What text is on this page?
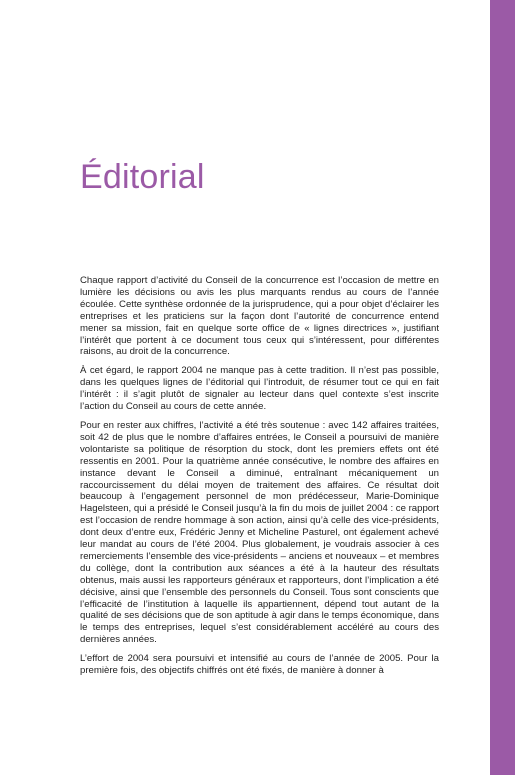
Éditorial

Chaque rapport d’activité du Conseil de la concurrence est l’occasion de mettre en lumière les décisions ou avis les plus marquants rendus au cours de l’année écoulée. Cette synthèse ordonnée de la jurisprudence, qui a pour objet d’éclairer les entreprises et les praticiens sur la façon dont l’autorité de concurrence entend mener sa mission, fait en quelque sorte office de « lignes directrices », justifiant l’intérêt que portent à ce document tous ceux qui s’intéressent, pour différentes raisons, au droit de la concurrence.

À cet égard, le rapport 2004 ne manque pas à cette tradition. Il n’est pas possible, dans les quelques lignes de l’éditorial qui l’introduit, de résumer tout ce qui en fait l’intérêt : il s’agit plutôt de signaler au lecteur dans quel contexte s’est inscrite l’action du Conseil au cours de cette année.

Pour en rester aux chiffres, l’activité a été très soutenue : avec 142 affaires traitées, soit 42 de plus que le nombre d’affaires entrées, le Conseil a poursuivi de manière volontariste sa politique de résorption du stock, dont les premiers effets ont été ressentis en 2001. Pour la quatrième année consécutive, le nombre des affaires en instance devant le Conseil a diminué, entraînant mécaniquement un raccourcissement du délai moyen de traitement des affaires. Ce résultat doit beaucoup à l’engagement personnel de mon prédécesseur, Marie-Dominique Hagelsteen, qui a présidé le Conseil jusqu’à la fin du mois de juillet 2004 : ce rapport est l’occasion de rendre hommage à son action, ainsi qu’à celle des vice-présidents, dont deux d’entre eux, Frédéric Jenny et Micheline Pasturel, ont également achevé leur mandat au cours de l’été 2004. Plus globalement, je voudrais associer à ces remerciements l’ensemble des vice-présidents – anciens et nouveaux – et membres du collège, dont la contribution aux séances a été à la hauteur des résultats obtenus, mais aussi les rapporteurs généraux et rapporteurs, dont l’implication a été décisive, ainsi que l’ensemble des personnels du Conseil. Tous sont conscients que l’efficacité de l’institution à laquelle ils appartiennent, dépend tout autant de la qualité de ses décisions que de son aptitude à agir dans le temps économique, dans le temps des entreprises, lequel s’est considérablement accéléré au cours des dernières années.

L’effort de 2004 sera poursuivi et intensifié au cours de l’année de 2005. Pour la première fois, des objectifs chiffrés ont été fixés, de manière à donner à
